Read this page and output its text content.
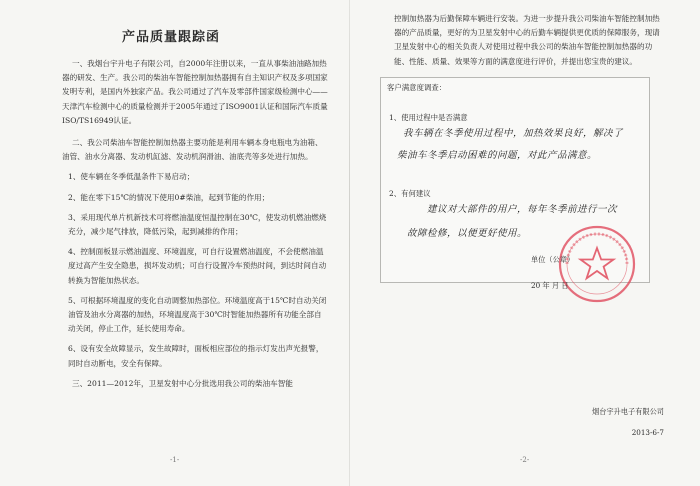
产品质量跟踪函

一、我烟台宇升电子有限公司，自2000年注册以来，一直从事柴油油路加热器的研发、生产。我公司的柴油车智能控制加热器拥有自主知识产权及多项国家发明专利，是国内外独家产品。我公司通过了汽车及零部件国家级检测中心——天津汽车检测中心的质量检测并于2005年通过了ISO9001认证和国际汽车质量ISO/TS16949认证。

二、我公司柴油车智能控制加热器主要功能是利用车辆本身电瓶电为油箱、油管、油水分离器、发动机缸滤、发动机润滑油、油底壳等多处进行加热。

1、使车辆在冬季低温条件下易启动；

2、能在零下15℃的情况下使用0#柴油，起到节能的作用；

3、采用现代单片机新技术可将燃油温度恒温控制在30℃，使发动机燃油燃烧充分，减少尾气排放，降低污染，起到减排的作用；

4、控制面板显示燃油温度、环境温度，可自行设置燃油温度，不会使燃油温度过高产生安全隐患，损坏发动机；可自行设置冷车预热时间，到达时间自动转换为智能加热状态。

5、可根据环境温度的变化自动调整加热部位。环境温度高于15℃时自动关闭油管及油水分离器的加热，环境温度高于30℃时智能加热器所有功能全部自动关闭，停止工作，延长使用寿命。

6、设有安全故障显示，发生故障时，面板相应部位的指示灯发出声光报警，同时自动断电，安全有保障。

三、2011—2012年，卫星发射中心分批选用我公司的柴油车智能

-1-

控制加热器为后勤保障车辆进行安装。为进一步提升我公司柴油车智能控制加热器的产品质量，更好的为卫星发射中心的后勤车辆提供更优质的保障服务，现请卫星发射中心的相关负责人对使用过程中我公司的柴油车智能控制加热器的功能、性能、质量、效果等方面的满意度进行评价，并提出您宝贵的建议。

客户满意度调查：
1、使用过程中是否满意
我车辆在冬季使用过程中，加热效果良好，解决了
柴油车冬季启动困难的问题，对此产品满意。
2、有何建议
建议对大部件的用户，每年冬季前进行一次
故障检修，以便更好使用。
单位（公章）
20 年 月 日
烟台宇升电子有限公司
2013-6-7
-2-
